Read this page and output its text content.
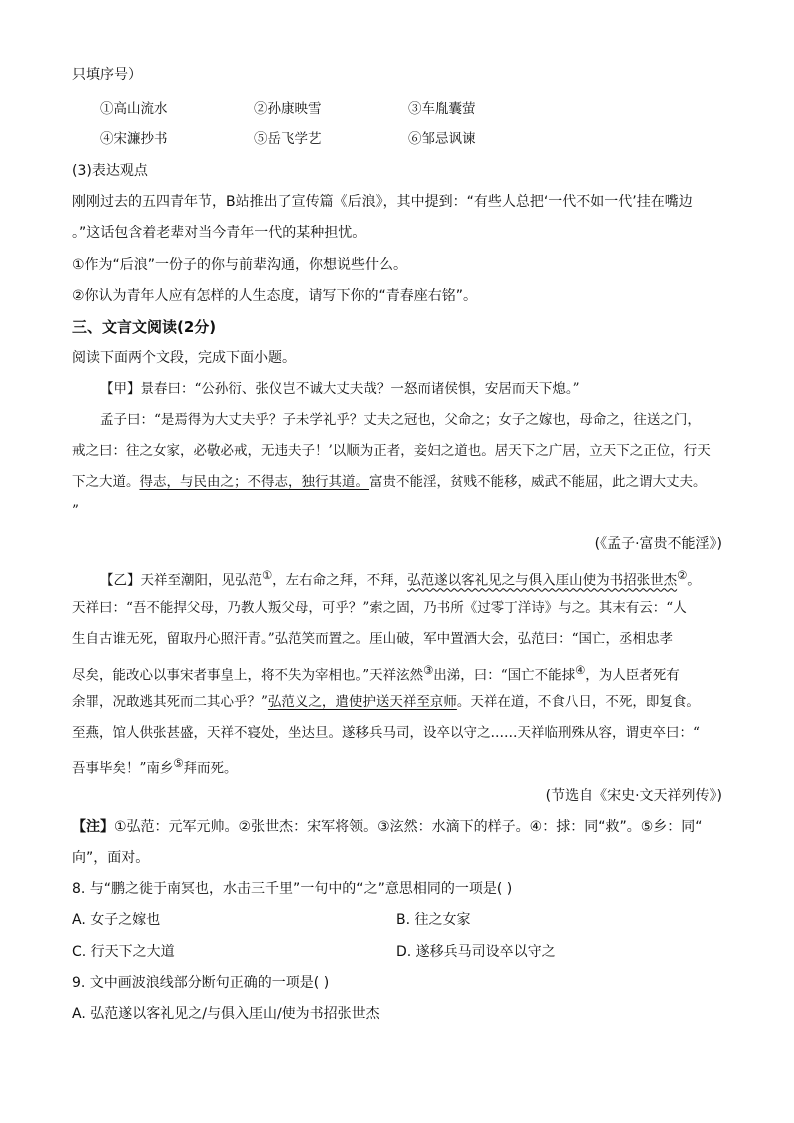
只填序号）
①高山流水	②孙康映雪	③车胤囊萤
④宋濂抄书	⑤岳飞学艺	⑥邹忌讽谏
(3)表达观点
刚刚过去的五四青年节，B站推出了宣传篇《后浪》，其中提到：“有些人总把‘一代不如一代’挂在嘴边
。”这话包含着老辈对当今青年一代的某种担忧。
①作为“后浪”一份子的你与前辈沟通，你想说些什么。
②你认为青年人应有怎样的人生态度，请写下你的“青春座右铭”。
三、文言文阅读(2分)
阅读下面两个文段，完成下面小题。
【甲】景春曰：“公孙衍、张仪岂不诚大丈夫哉？一怒而诸侯惧，安居而天下熄。”
孟子曰：“是焉得为大丈夫乎？子未学礼乎？丈夫之冠也，父命之；女子之嫁也，母命之，往送之门，
戒之曰：往之女家，必敬必戒，无违夫子！’以顺为正者，妾妇之道也。居天下之广居，立天下之正位，行天
下之大道。得志，与民由之；不得志，独行其道。富贵不能淫，贫贱不能移，威武不能屈，此之谓大丈夫。
”
(《孟子·富贵不能淫》)
【乙】天祥至潮阳，见弘范①，左右命之拜，不拜，弘范遂以客礼见之与俱入厓山使为书招张世杰②。
天祥曰：“吾不能捍父母，乃教人叛父母，可乎？”索之固，乃书所《过零丁洋诗》与之。其末有云：“人
生自古谁无死，留取丹心照汗青。”弘范笑而置之。厓山破，军中置酒大会，弘范曰：“国亡，丞相忠孝
尽矣，能改心以事宋者事皇上，将不失为宰相也。”天祥泫然③出涕，曰：“国亡不能捄④，为人臣者死有
余罪，况敢逃其死而二其心乎？”弘范义之，遣使护送天祥至京师。天祥在道，不食八日，不死，即复食。
至燕，馆人供张甚盛，天祥不寝处，坐达旦。遂移兵马司，设卒以守之……天祥临刑殊从容，谓吏卒曰：“
吾事毕矣！”南乡⑤拜而死。
(节选自《宋史·文天祥列传》)
【注】①弘范：元军元帅。②张世杰：宋军将领。③泫然：水滴下的样子。④：捄：同“救”。⑤乡：同“
向”，面对。
8. 与“鹏之徙于南冥也，水击三千里”一句中的“之”意思相同的一项是( )
A. 女子之嫁也	B. 往之女家
C. 行天下之大道	D. 遂移兵马司设卒以守之
9. 文中画波浪线部分断句正确的一项是( )
A. 弘范遂以客礼见之/与俱入厓山/使为书招张世杰
